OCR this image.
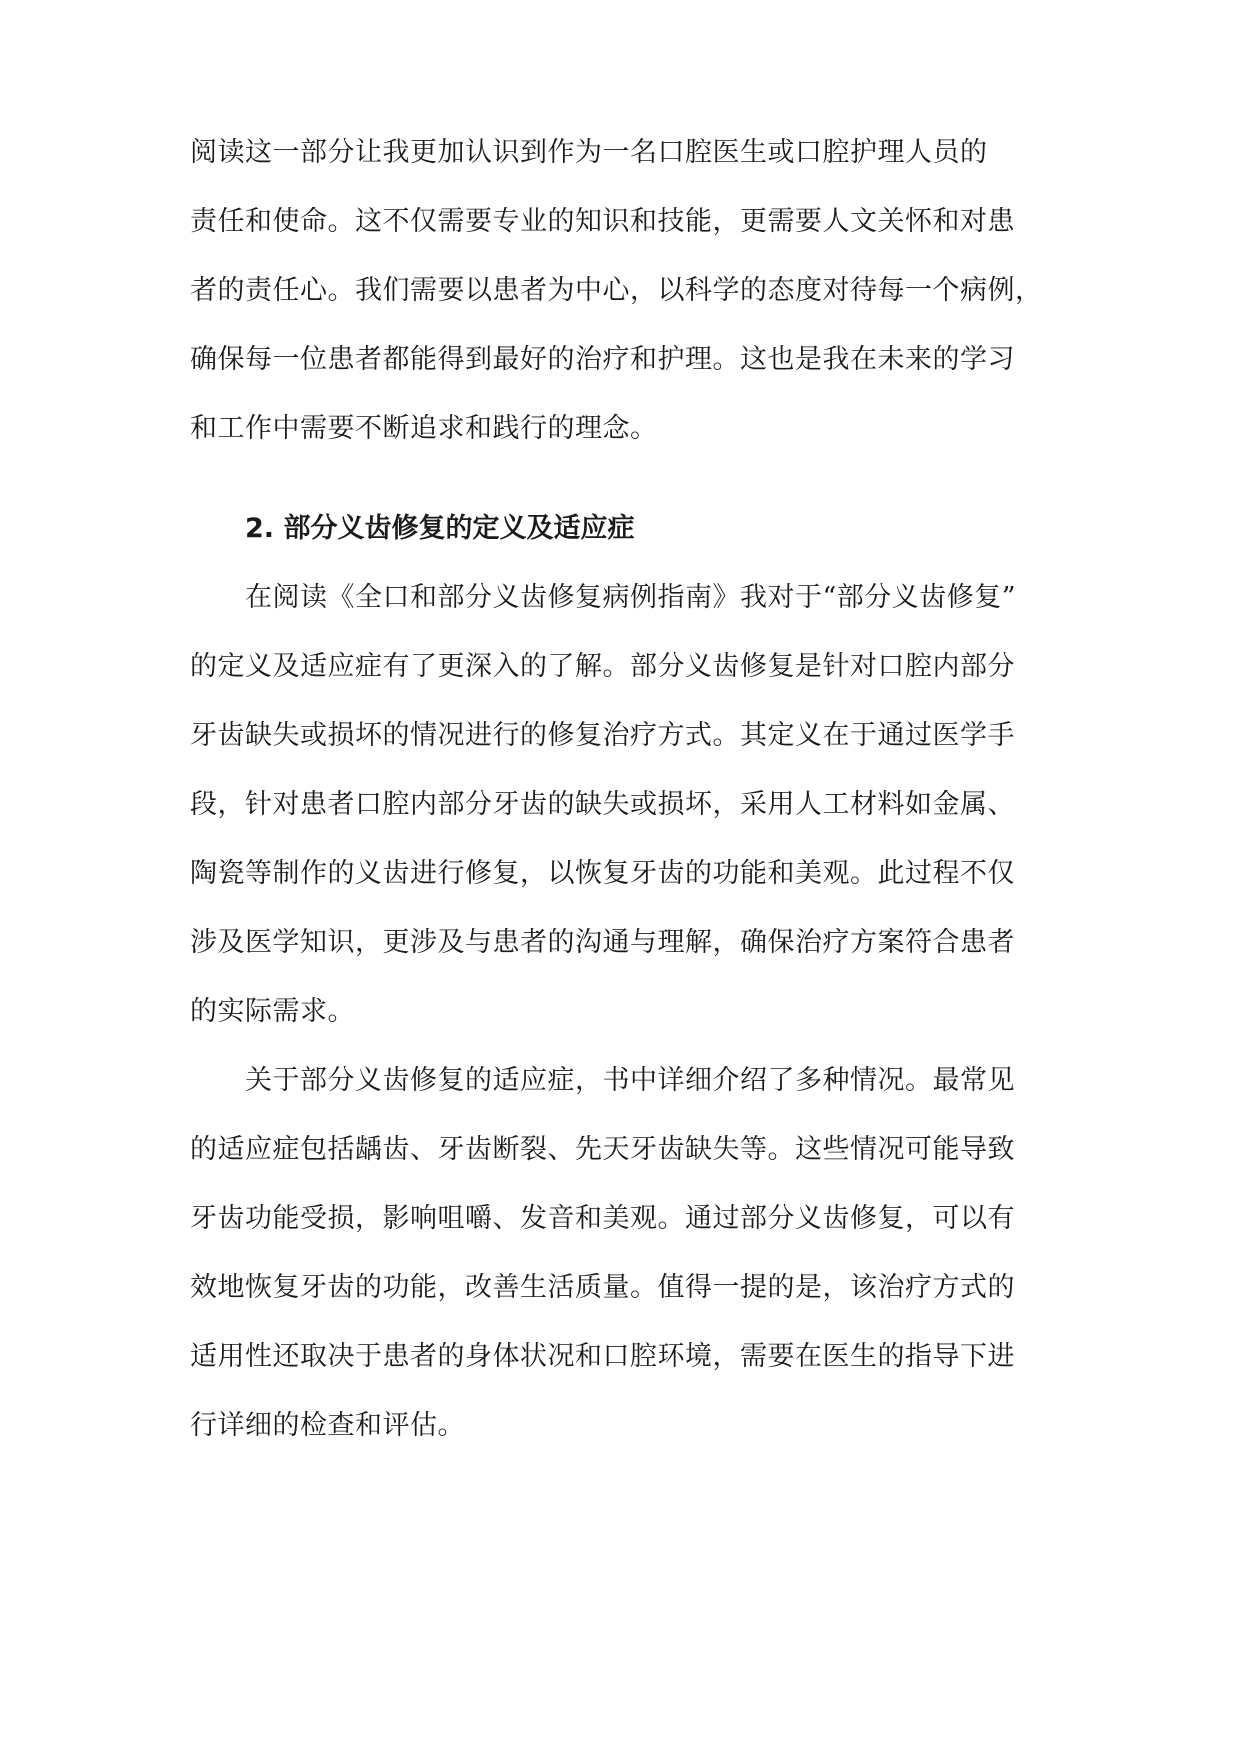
阅读这一部分让我更加认识到作为一名口腔医生或口腔护理人员的
责任和使命。这不仅需要专业的知识和技能，更需要人文关怀和对患
者的责任心。我们需要以患者为中心，以科学的态度对待每一个病例，
确保每一位患者都能得到最好的治疗和护理。这也是我在未来的学习
和工作中需要不断追求和践行的理念。
2. 部分义齿修复的定义及适应症
在阅读《全口和部分义齿修复病例指南》我对于“部分义齿修复”
的定义及适应症有了更深入的了解。部分义齿修复是针对口腔内部分
牙齿缺失或损坏的情况进行的修复治疗方式。其定义在于通过医学手
段，针对患者口腔内部分牙齿的缺失或损坏，采用人工材料如金属、
陶瓷等制作的义齿进行修复，以恢复牙齿的功能和美观。此过程不仅
涉及医学知识，更涉及与患者的沟通与理解，确保治疗方案符合患者
的实际需求。
关于部分义齿修复的适应症，书中详细介绍了多种情况。最常见
的适应症包括龋齿、牙齿断裂、先天牙齿缺失等。这些情况可能导致
牙齿功能受损，影响咀嚼、发音和美观。通过部分义齿修复，可以有
效地恢复牙齿的功能，改善生活质量。值得一提的是，该治疗方式的
适用性还取决于患者的身体状况和口腔环境，需要在医生的指导下进
行详细的检查和评估。
